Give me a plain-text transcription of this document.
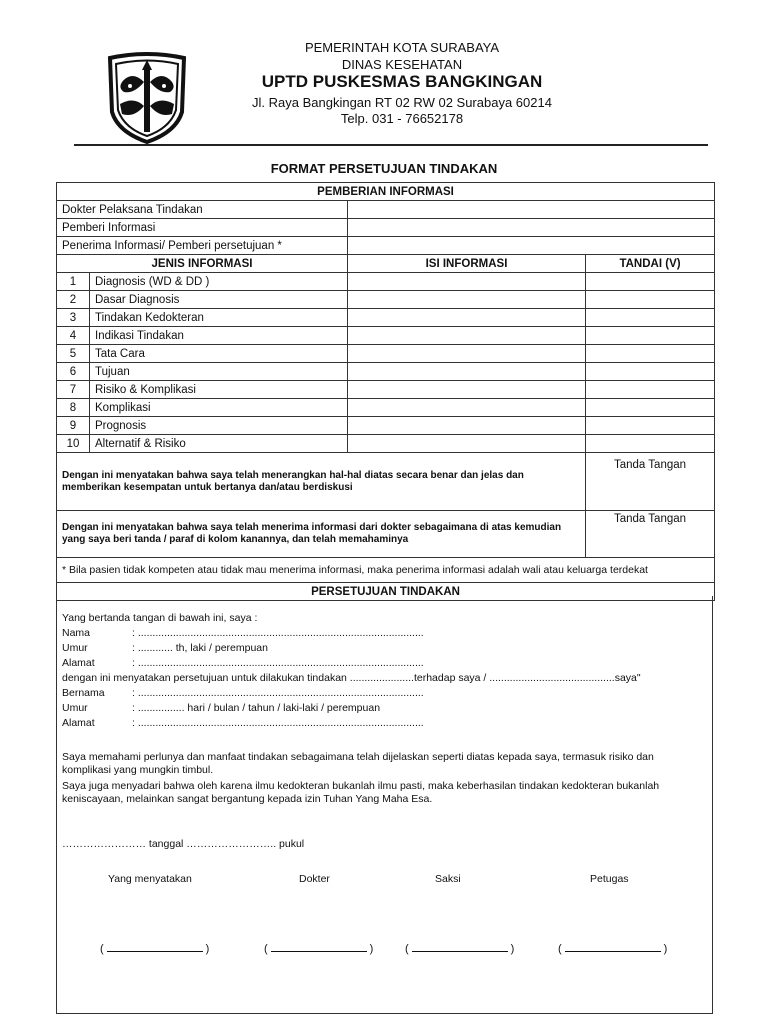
PEMERINTAH KOTA SURABAYA
DINAS KESEHATAN
UPTD PUSKESMAS BANGKINGAN
Jl. Raya Bangkingan RT 02 RW 02 Surabaya 60214
Telp. 031 - 76652178
FORMAT PERSETUJUAN TINDAKAN
PEMBERIAN INFORMASI			
Dokter Pelaksana Tindakan			
Pemberi Informasi			
Penerima Informasi/ Pemberi persetujuan *			
JENIS INFORMASI		ISI INFORMASI	TANDAI (V)
1	Diagnosis (WD & DD )		
2	Dasar Diagnosis		
3	Tindakan Kedokteran		
4	Indikasi Tindakan		
5	Tata Cara		
6	Tujuan		
7	Risiko & Komplikasi		
8	Komplikasi		
9	Prognosis		
10	Alternatif & Risiko		
Dengan ini menyatakan bahwa saya telah menerangkan hal-hal diatas secara benar dan jelas dan memberikan kesempatan untuk bertanya dan/atau berdiskusi			Tanda Tangan
Dengan ini menyatakan bahwa saya telah menerima informasi dari dokter sebagaimana di atas kemudian yang saya beri tanda / paraf di kolom kanannya, dan telah memahaminya			Tanda Tangan
* Bila pasien tidak kompeten atau tidak mau menerima informasi, maka penerima informasi adalah wali atau keluarga terdekat			
PERSETUJUAN TINDAKAN			
Yang bertanda tangan di bawah ini, saya :
Nama	: ..................................................................................................
Umur	: ............ th, laki / perempuan
Alamat	: ..................................................................................................
dengan ini menyatakan persetujuan untuk dilakukan tindakan ......................terhadap saya / ...........................................saya"
Bernama	: ..................................................................................................
Umur	: ................ hari / bulan / tahun / laki-laki / perempuan
Alamat	: ..................................................................................................
Saya memahami perlunya dan manfaat tindakan sebagaimana telah dijelaskan seperti diatas kepada saya, termasuk risiko dan komplikasi yang mungkin timbul.
Saya juga menyadari bahwa oleh karena ilmu kedokteran bukanlah ilmu pasti, maka keberhasilan tindakan kedokteran bukanlah keniscayaan, melainkan sangat bergantung kepada izin Tuhan Yang Maha Esa.
…………………… tanggal …………………….. pukul
Yang menyatakan	Dokter	Saksi	Petugas
(	)	(	)	(	)	(	)
